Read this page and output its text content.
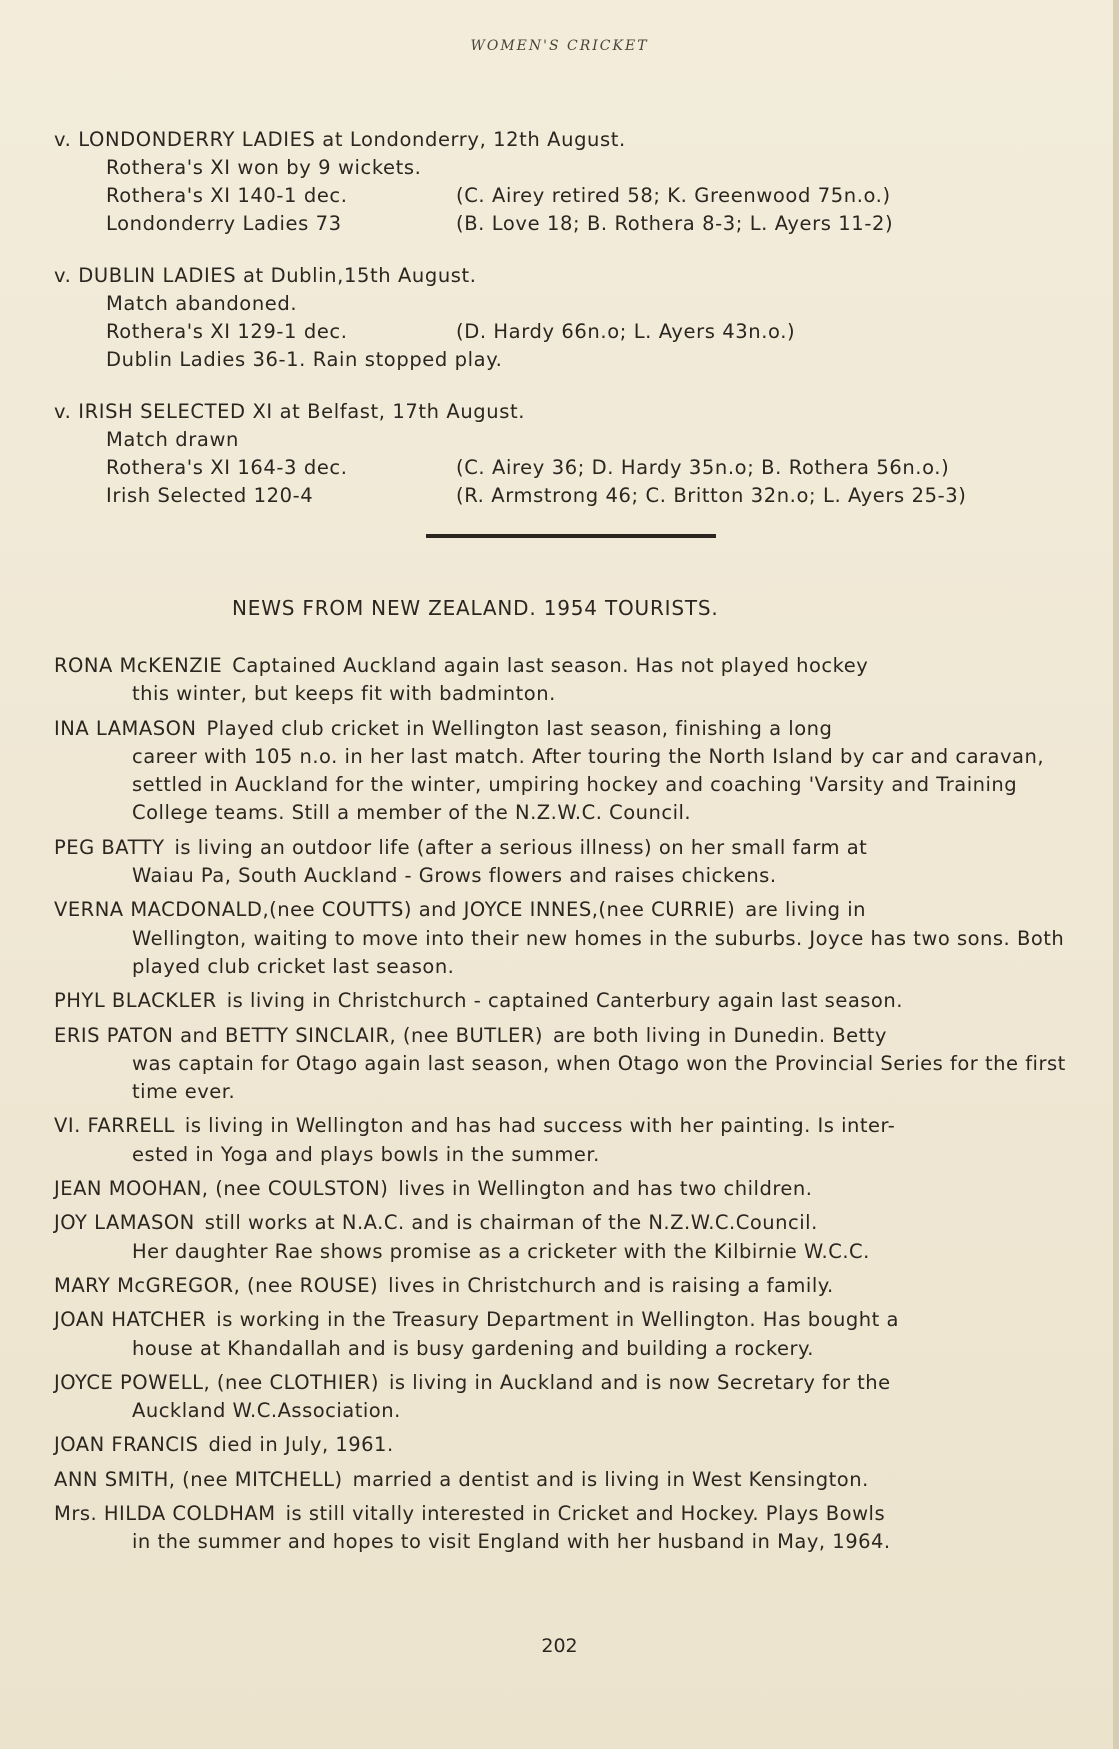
WOMEN'S CRICKET
v. LONDONDERRY LADIES at Londonderry, 12th August.
Rothera's XI won by 9 wickets.
Rothera's XI 140-1 dec.	(C. Airey retired 58; K. Greenwood 75n.o.)
Londonderry Ladies 73	(B. Love 18; B. Rothera 8-3; L. Ayers 11-2)
v. DUBLIN LADIES at Dublin,15th August.
Match abandoned.
Rothera's XI 129-1 dec.	(D. Hardy 66n.o; L. Ayers 43n.o.)
Dublin Ladies 36-1. Rain stopped play.
v. IRISH SELECTED XI at Belfast, 17th August.
Match drawn
Rothera's XI 164-3 dec.	(C. Airey 36; D. Hardy 35n.o; B. Rothera 56n.o.)
Irish Selected 120-4	(R. Armstrong 46; C. Britton 32n.o; L. Ayers 25-3)
NEWS FROM NEW ZEALAND. 1954 TOURISTS.
RONA McKENZIE Captained Auckland again last season. Has not played hockey
this winter, but keeps fit with badminton.
INA LAMASON Played club cricket in Wellington last season, finishing a long
career with 105 n.o. in her last match. After touring the North Island by car and caravan, settled in Auckland for the winter, umpiring hockey and coaching 'Varsity and Training College teams. Still a member of the N.Z.W.C. Council.
PEG BATTY is living an outdoor life (after a serious illness) on her small farm at
Waiau Pa, South Auckland - Grows flowers and raises chickens.
VERNA MACDONALD,(nee COUTTS) and JOYCE INNES,(nee CURRIE) are living in
Wellington, waiting to move into their new homes in the suburbs. Joyce has two sons. Both played club cricket last season.
PHYL BLACKLER is living in Christchurch - captained Canterbury again last season.
ERIS PATON and BETTY SINCLAIR, (nee BUTLER) are both living in Dunedin. Betty
was captain for Otago again last season, when Otago won the Provincial Series for the first time ever.
VI. FARRELL is living in Wellington and has had success with her painting. Is inter-
ested in Yoga and plays bowls in the summer.
JEAN MOOHAN, (nee COULSTON) lives in Wellington and has two children.
JOY LAMASON still works at N.A.C. and is chairman of the N.Z.W.C.Council.
Her daughter Rae shows promise as a cricketer with the Kilbirnie W.C.C.
MARY McGREGOR, (nee ROUSE) lives in Christchurch and is raising a family.
JOAN HATCHER is working in the Treasury Department in Wellington. Has bought a
house at Khandallah and is busy gardening and building a rockery.
JOYCE POWELL, (nee CLOTHIER) is living in Auckland and is now Secretary for the
Auckland W.C.Association.
JOAN FRANCIS died in July, 1961.
ANN SMITH, (nee MITCHELL) married a dentist and is living in West Kensington.
Mrs. HILDA COLDHAM is still vitally interested in Cricket and Hockey. Plays Bowls
in the summer and hopes to visit England with her husband in May, 1964.
202
